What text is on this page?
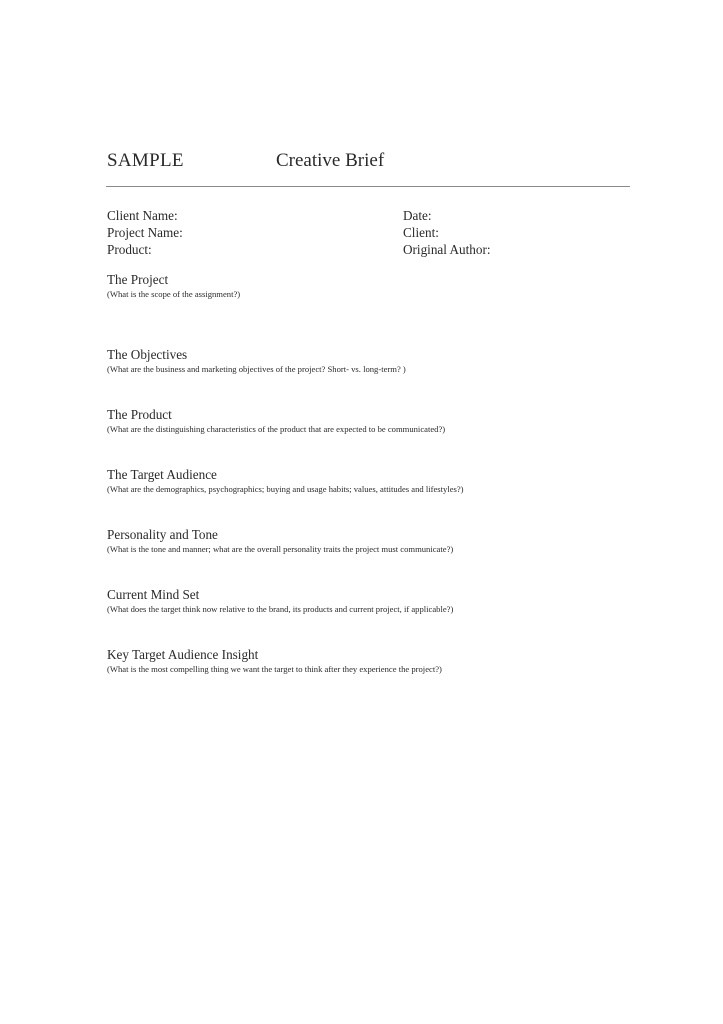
SAMPLE	Creative Brief
Client Name:
Project Name:
Product:
Date:
Client:
Original Author:
The Project
(What is the scope of the assignment?)
The Objectives
(What are the business and marketing objectives of the project? Short- vs. long-term? )
The Product
(What are the distinguishing characteristics of the product that are expected to be communicated?)
The Target Audience
(What are the demographics, psychographics; buying and usage habits; values, attitudes and lifestyles?)
Personality and Tone
(What is the tone and manner; what are the overall personality traits the project must communicate?)
Current Mind Set
(What does the target think now relative to the brand, its products and current project, if applicable?)
Key Target Audience Insight
(What is the most compelling thing we want the target to think after they experience the project?)
